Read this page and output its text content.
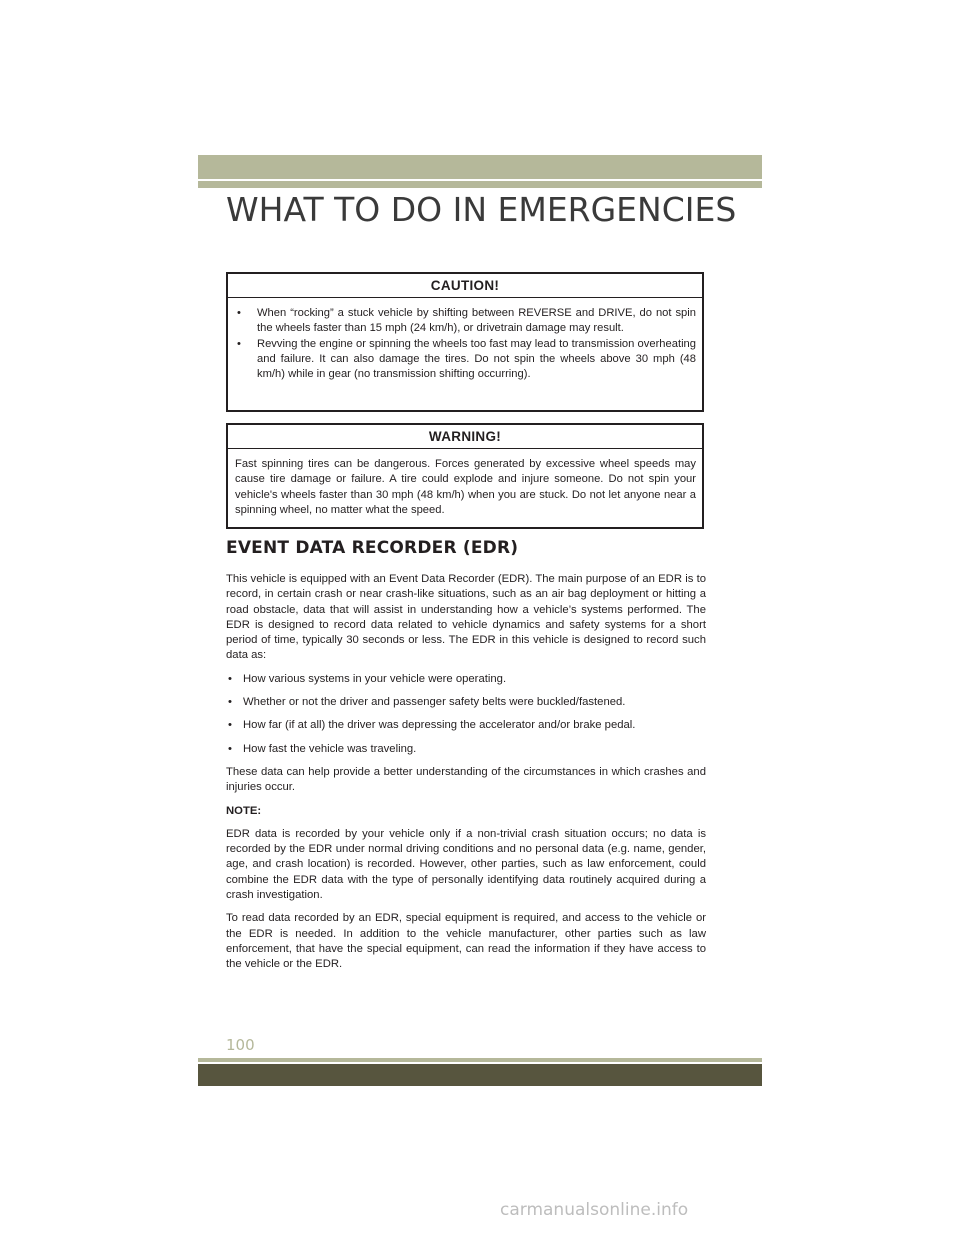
WHAT TO DO IN EMERGENCIES
CAUTION!
• When “rocking” a stuck vehicle by shifting between REVERSE and DRIVE, do not spin the wheels faster than 15 mph (24 km/h), or drivetrain damage may result.
• Revving the engine or spinning the wheels too fast may lead to transmission overheating and failure. It can also damage the tires. Do not spin the wheels above 30 mph (48 km/h) while in gear (no transmission shifting occurring).
WARNING!
Fast spinning tires can be dangerous. Forces generated by excessive wheel speeds may cause tire damage or failure. A tire could explode and injure someone. Do not spin your vehicle's wheels faster than 30 mph (48 km/h) when you are stuck. Do not let anyone near a spinning wheel, no matter what the speed.
EVENT DATA RECORDER (EDR)

This vehicle is equipped with an Event Data Recorder (EDR). The main purpose of an EDR is to record, in certain crash or near crash-like situations, such as an air bag deployment or hitting a road obstacle, data that will assist in understanding how a vehicle’s systems performed. The EDR is designed to record data related to vehicle dynamics and safety systems for a short period of time, typically 30 seconds or less. The EDR in this vehicle is designed to record such data as:

• How various systems in your vehicle were operating.
• Whether or not the driver and passenger safety belts were buckled/fastened.
• How far (if at all) the driver was depressing the accelerator and/or brake pedal.
• How fast the vehicle was traveling.

These data can help provide a better understanding of the circumstances in which crashes and injuries occur.

NOTE:

EDR data is recorded by your vehicle only if a non-trivial crash situation occurs; no data is recorded by the EDR under normal driving conditions and no personal data (e.g. name, gender, age, and crash location) is recorded. However, other parties, such as law enforcement, could combine the EDR data with the type of personally identifying data routinely acquired during a crash investigation.

To read data recorded by an EDR, special equipment is required, and access to the vehicle or the EDR is needed. In addition to the vehicle manufacturer, other parties such as law enforcement, that have the special equipment, can read the information if they have access to the vehicle or the EDR.

100

carmanualsonline.info
